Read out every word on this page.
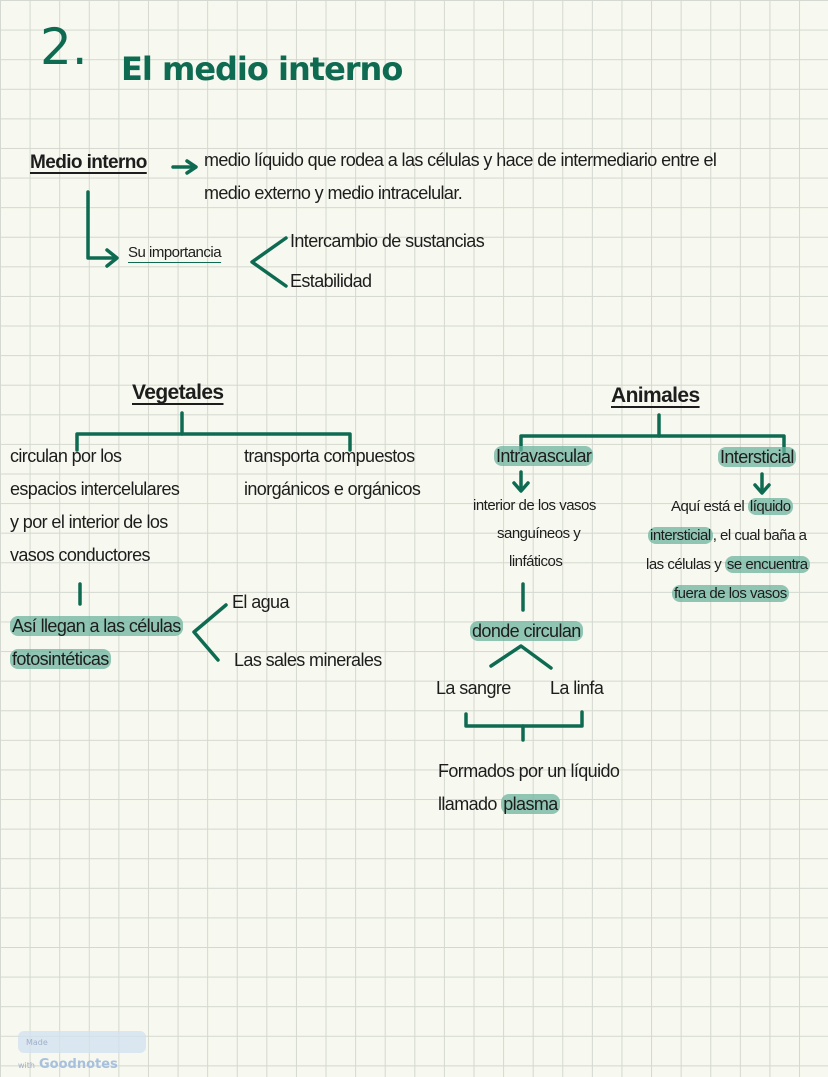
2. El medio interno
Medio interno	medio líquido que rodea a las células y hace de intermediario entre el
medio externo y medio intracelular.
Su importancia
Intercambio de sustancias
Estabilidad
Vegetales
circulan por los
espacios intercelulares
y por el interior de los
vasos conductores
transporta compuestos
inorgánicos e orgánicos
Así llegan a las células
fotosintéticas
El agua
Las sales minerales
Animales
Intravascular	Intersticial
interior de los vasos
sanguíneos y
linfáticos
donde circulan
La sangre La linfa
Formados por un líquido
llamado plasma
Aquí está el líquido
intersticial , el cual baña a
las células y se encuentra
fuera de los vasos
Made with Goodnotes
